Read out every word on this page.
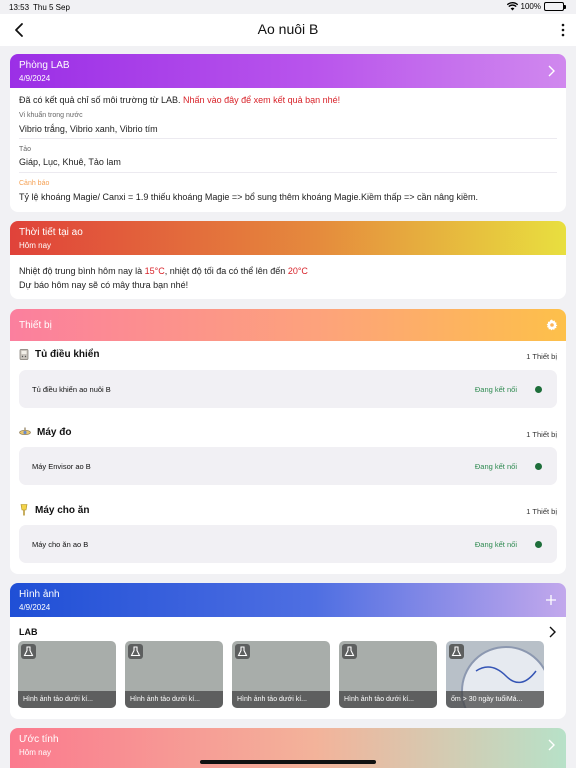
13:53 Thu 5 Sep	100%
Ao nuôi B
Phòng LAB
4/9/2024
Đã có kết quả chỉ số môi trường từ LAB. Nhấn vào đây để xem kết quả bạn nhé!
Vi khuẩn trong nước
Vibrio trắng, Vibrio xanh, Vibrio tím
Tảo
Giáp, Lục, Khuê, Tảo lam
Cảnh báo
Tỷ lệ khoáng Magie/ Canxi = 1.9 thiếu khoáng Magie => bổ sung thêm khoáng Magie.Kiềm thấp => cần nâng kiềm.
Thời tiết tại ao
Hôm nay
Nhiệt độ trung bình hôm nay là 15°C, nhiệt độ tối đa có thể lên đến 20°C
Dự báo hôm nay sẽ có mây thưa bạn nhé!
Thiết bị
Tủ điều khiển	1 Thiết bị
Tủ điều khiển ao nuôi B	Đang kết nối
Máy đo	1 Thiết bị
Máy Envisor ao B	Đang kết nối
Máy cho ăn	1 Thiết bị
Máy cho ăn ao B	Đang kết nối
Hình ảnh
4/9/2024
LAB
Hình ảnh tảo dưới kí...	Hình ảnh tảo dưới kí...	Hình ảnh tảo dưới kí...	Hình ảnh tảo dưới kí...	ốm > 30 ngày tuổiMá...
Ước tính
Hôm nay
